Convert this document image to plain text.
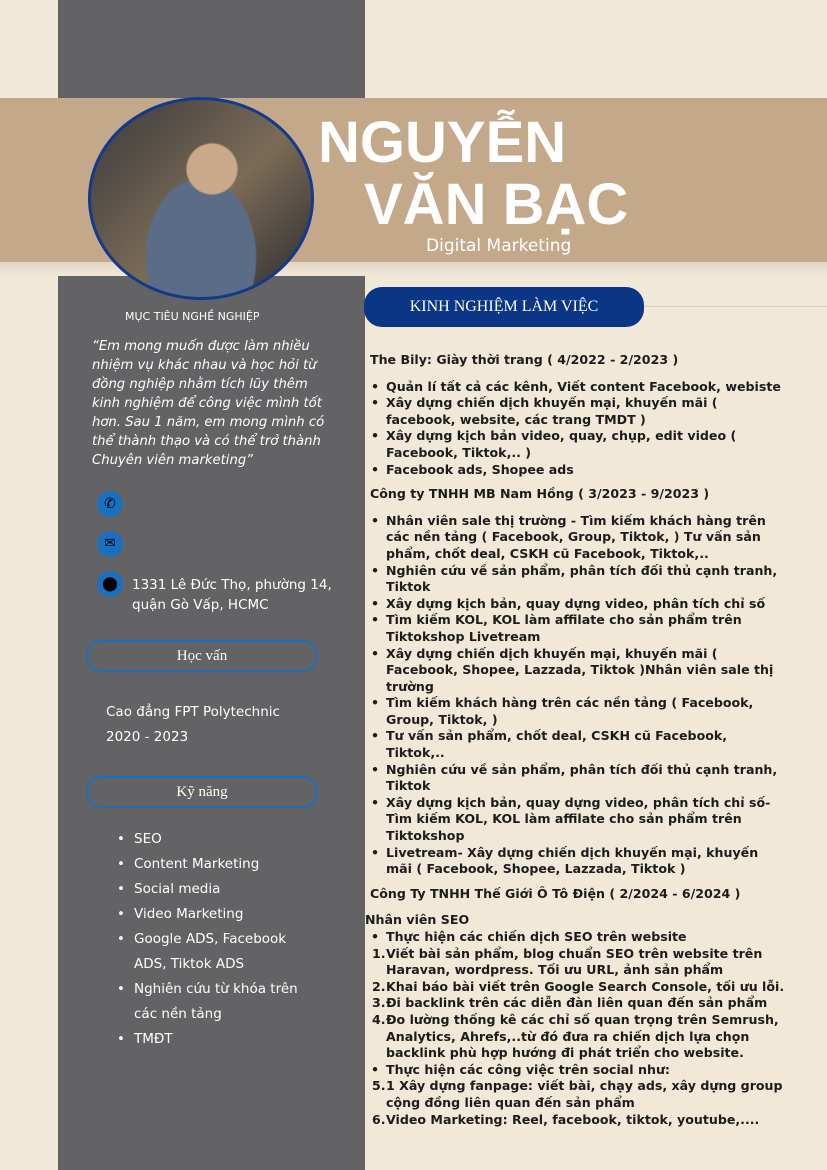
NGUYỄN
VĂN BẠC
Digital Marketing
MỤC TIÊU NGHỀ NGHIỆP
“Em mong muốn được làm nhiều nhiệm vụ khác nhau và học hỏi từ đồng nghiệp nhằm tích lũy thêm kinh nghiệm để công việc mình tốt hơn. Sau 1 năm, em mong mình có thể thành thạo và có thể trở thành Chuyên viên marketing”
✆
✉
⬤	1331 Lê Đức Thọ, phường 14,
quận Gò Vấp, HCMC
Học vấn
Cao đẳng FPT Polytechnic
2020 - 2023
Kỹ năng
• SEO
• Content Marketing
• Social media
• Video Marketing
• Google ADS, Facebook ADS, Tiktok ADS
• Nghiên cứu từ khóa trên các nền tảng
• TMĐT
KINH NGHIỆM LÀM VIỆC
The Bily: Giày thời trang ( 4/2022 - 2/2023 )
• Quản lí tất cả các kênh, Viết content Facebook, webiste
• Xây dựng chiến dịch khuyến mại, khuyến mãi ( facebook, website, các trang TMDT )
• Xây dựng kịch bản video, quay, chụp, edit video ( Facebook, Tiktok,.. )
• Facebook ads, Shopee ads
Công ty TNHH MB Nam Hồng ( 3/2023 - 9/2023 )
• Nhân viên sale thị trường - Tìm kiếm khách hàng trên các nền tảng ( Facebook, Group, Tiktok, ) Tư vấn sản phẩm, chốt deal, CSKH cũ Facebook, Tiktok,..
• Nghiên cứu về sản phẩm, phân tích đối thủ cạnh tranh, Tiktok
• Xây dựng kịch bản, quay dựng video, phân tích chỉ số
• Tìm kiếm KOL, KOL làm affilate cho sản phẩm trên Tiktokshop Livetream
• Xây dựng chiến dịch khuyến mại, khuyến mãi ( Facebook, Shopee, Lazzada, Tiktok )Nhân viên sale thị trường
• Tìm kiếm khách hàng trên các nền tảng ( Facebook, Group, Tiktok, )
• Tư vấn sản phẩm, chốt deal, CSKH cũ Facebook, Tiktok,..
• Nghiên cứu về sản phẩm, phân tích đối thủ cạnh tranh, Tiktok
• Xây dựng kịch bản, quay dựng video, phân tích chỉ số- Tìm kiếm KOL, KOL làm affilate cho sản phẩm trên Tiktokshop
• Livetream- Xây dựng chiến dịch khuyến mại, khuyến mãi ( Facebook, Shopee, Lazzada, Tiktok )
Công Ty TNHH Thế Giới Ô Tô Điện ( 2/2024 - 6/2024 )
Nhân viên SEO
• Thực hiện các chiến dịch SEO trên website
1. Viết bài sản phẩm, blog chuẩn SEO trên website trên Haravan, wordpress. Tối ưu URL, ảnh sản phẩm
2. Khai báo bài viết trên Google Search Console, tối ưu lỗi.
3. Đi backlink trên các diễn đàn liên quan đến sản phẩm
4. Đo lường thống kê các chỉ số quan trọng trên Semrush, Analytics, Ahrefs,..từ đó đưa ra chiến dịch lựa chọn backlink phù hợp hướng đi phát triển cho website.
• Thực hiện các công việc trên social như:
5. 1 Xây dựng fanpage: viết bài, chạy ads, xây dựng group cộng đồng liên quan đến sản phẩm
6. Video Marketing: Reel, facebook, tiktok, youtube,....
